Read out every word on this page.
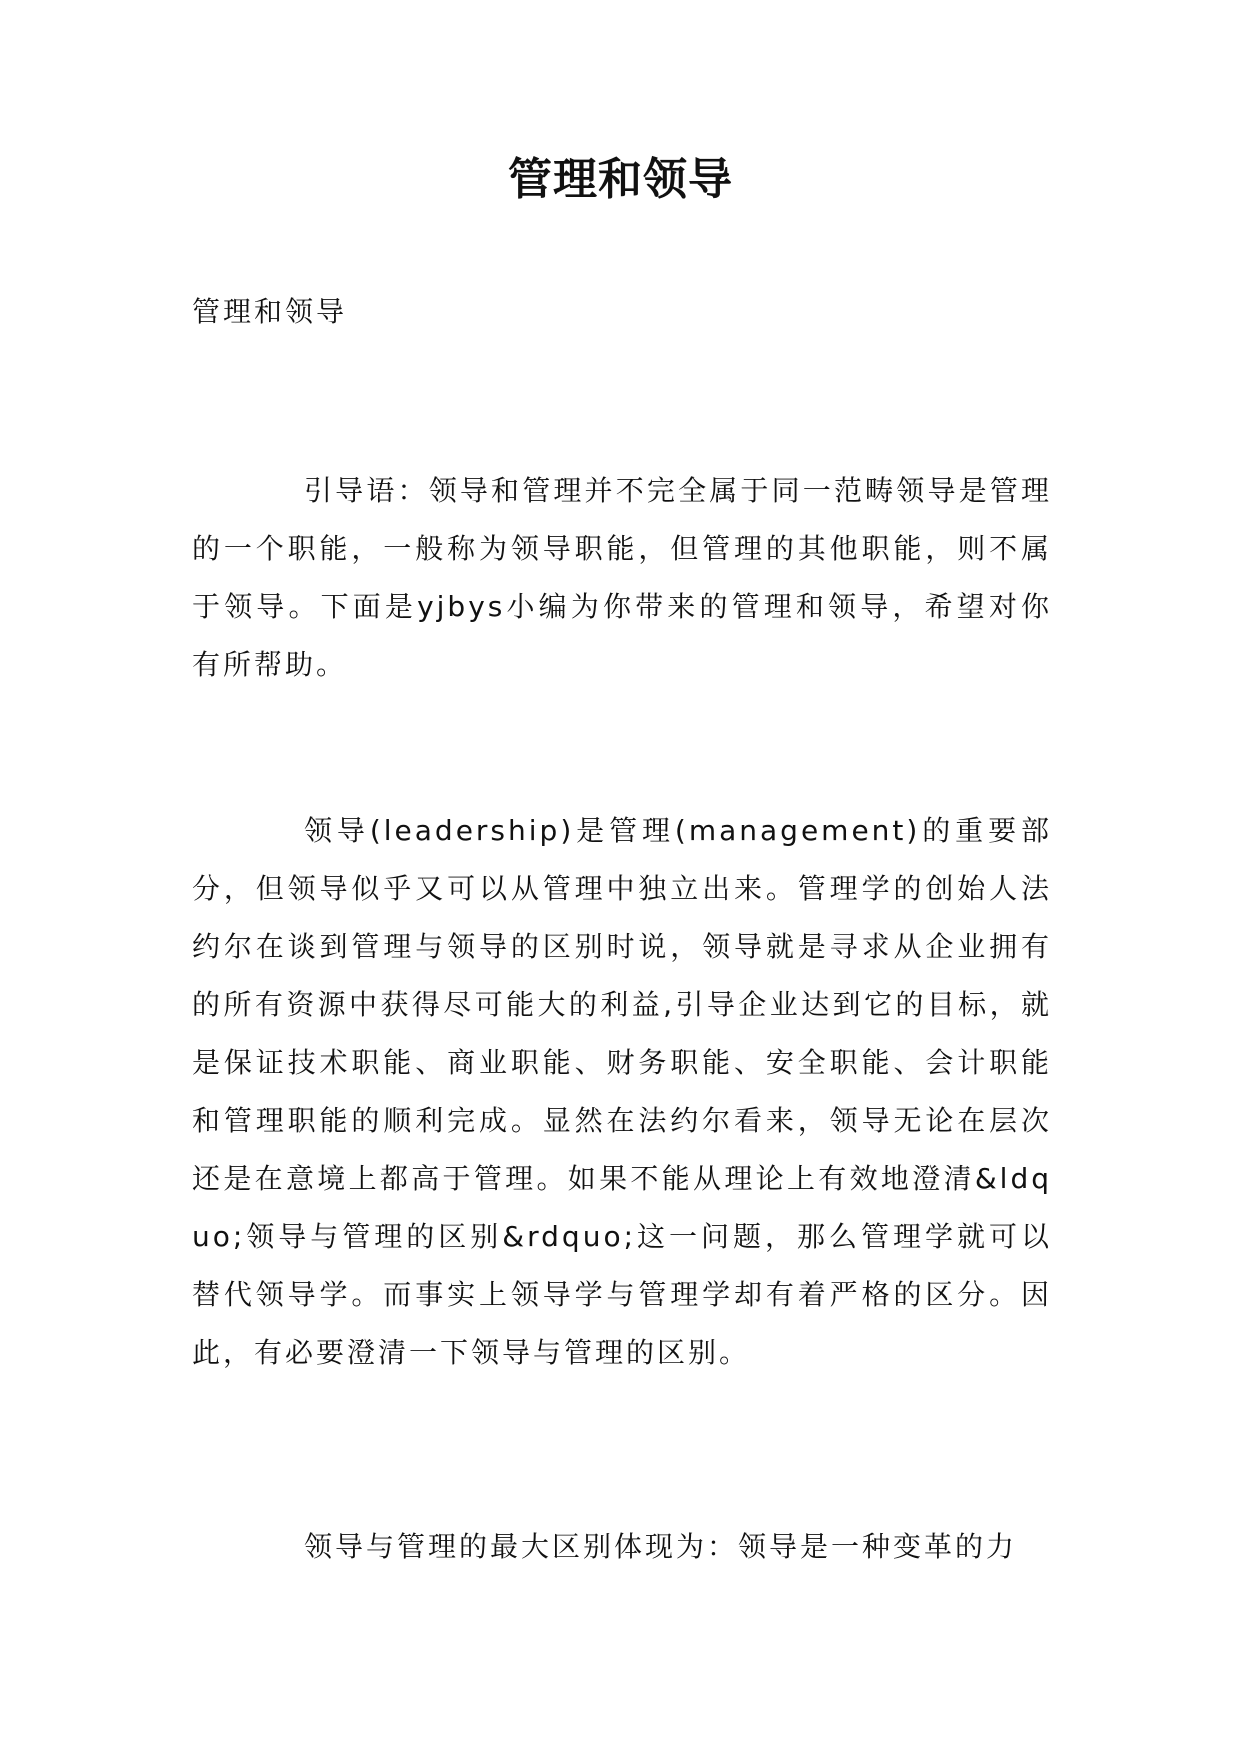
管理和领导

管理和领导

引导语：领导和管理并不完全属于同一范畴领导是管理的一个职能，一般称为领导职能，但管理的其他职能，则不属于领导。下面是yjbys小编为你带来的管理和领导，希望对你有所帮助。

领导(leadership)是管理(management)的重要部分，但领导似乎又可以从管理中独立出来。管理学的创始人法约尔在谈到管理与领导的区别时说，领导就是寻求从企业拥有的所有资源中获得尽可能大的利益,引导企业达到它的目标，就是保证技术职能、商业职能、财务职能、安全职能、会计职能和管理职能的顺利完成。显然在法约尔看来，领导无论在层次还是在意境上都高于管理。如果不能从理论上有效地澄清&ldquo;领导与管理的区别&rdquo;这一问题，那么管理学就可以替代领导学。而事实上领导学与管理学却有着严格的区分。因此，有必要澄清一下领导与管理的区别。

领导与管理的最大区别体现为：领导是一种变革的力
